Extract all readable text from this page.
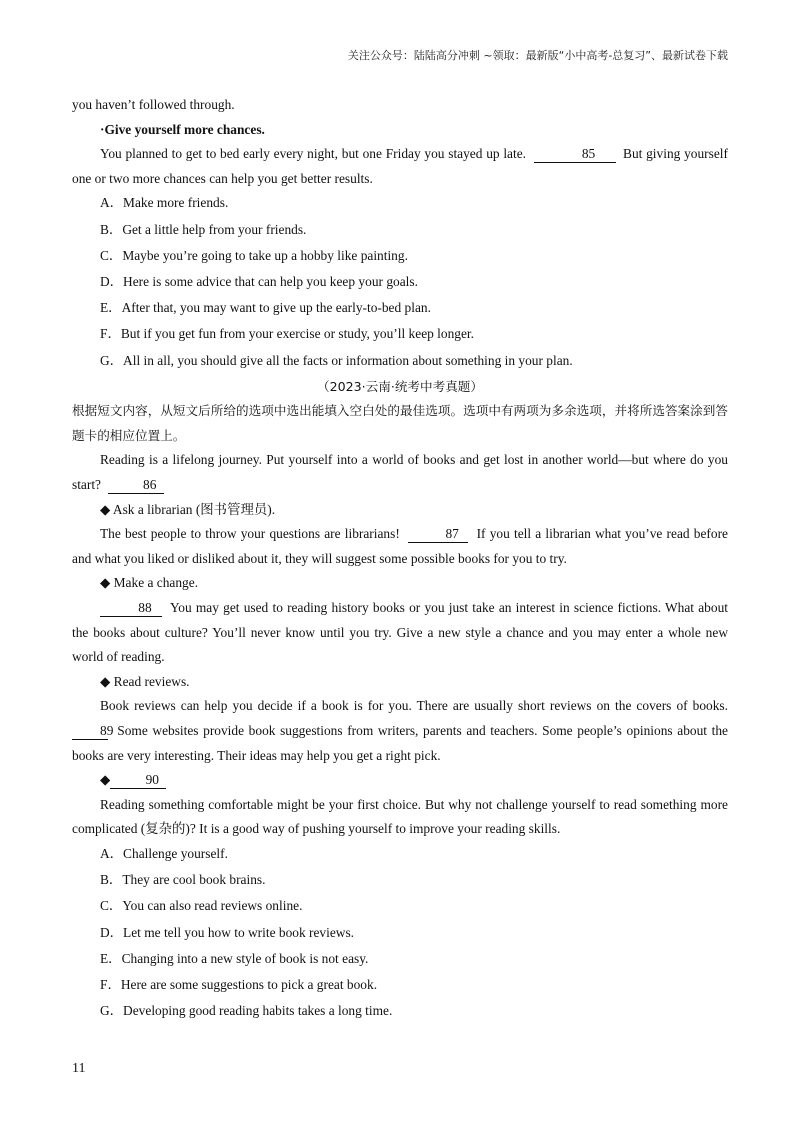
关注公众号：陆陆高分冲刺 ~领取：最新版“小中高考-总复习”、最新试卷下载

you haven’t followed through.

·Give yourself more chances.

You planned to get to bed early every night, but one Friday you stayed up late.	85 But giving yourself one or two more chances can help you get better results.

A．Make more friends.

B．Get a little help from your friends.

C．Maybe you’re going to take up a hobby like painting.

D．Here is some advice that can help you keep your goals.

E．After that, you may want to give up the early-to-bed plan.

F．But if you get fun from your exercise or study, you’ll keep longer.

G．All in all, you should give all the facts or information about something in your plan.

（2023·云南·统考中考真题）

根据短文内容，从短文后所给的选项中选出能填入空白处的最佳选项。选项中有两项为多余选项，并将所选答案涂到答题卡的相应位置上。

Reading is a lifelong journey. Put yourself into a world of books and get lost in another world—but where do you start?	86

◆ Ask a librarian (图书管理员).

The best people to throw your questions are librarians!	87 If you tell a librarian what you’ve read before and what you liked or disliked about it, they will suggest some possible books for you to try.

◆ Make a change.

88 You may get used to reading history books or you just take an interest in science fictions. What about the books about culture? You’ll never know until you try. Give a new style a chance and you may enter a whole new world of reading.

◆ Read reviews.

Book reviews can help you decide if a book is for you. There are usually short reviews on the covers of books. 89 Some websites provide book suggestions from writers, parents and teachers. Some people’s opinions about the books are very interesting. Their ideas may help you get a right pick.

◆	90

Reading something comfortable might be your first choice. But why not challenge yourself to read something more complicated (复杂的)? It is a good way of pushing yourself to improve your reading skills.

A．Challenge yourself.

B．They are cool book brains.

C．You can also read reviews online.

D．Let me tell you how to write book reviews.

E．Changing into a new style of book is not easy.

F．Here are some suggestions to pick a great book.

G．Developing good reading habits takes a long time.

11
